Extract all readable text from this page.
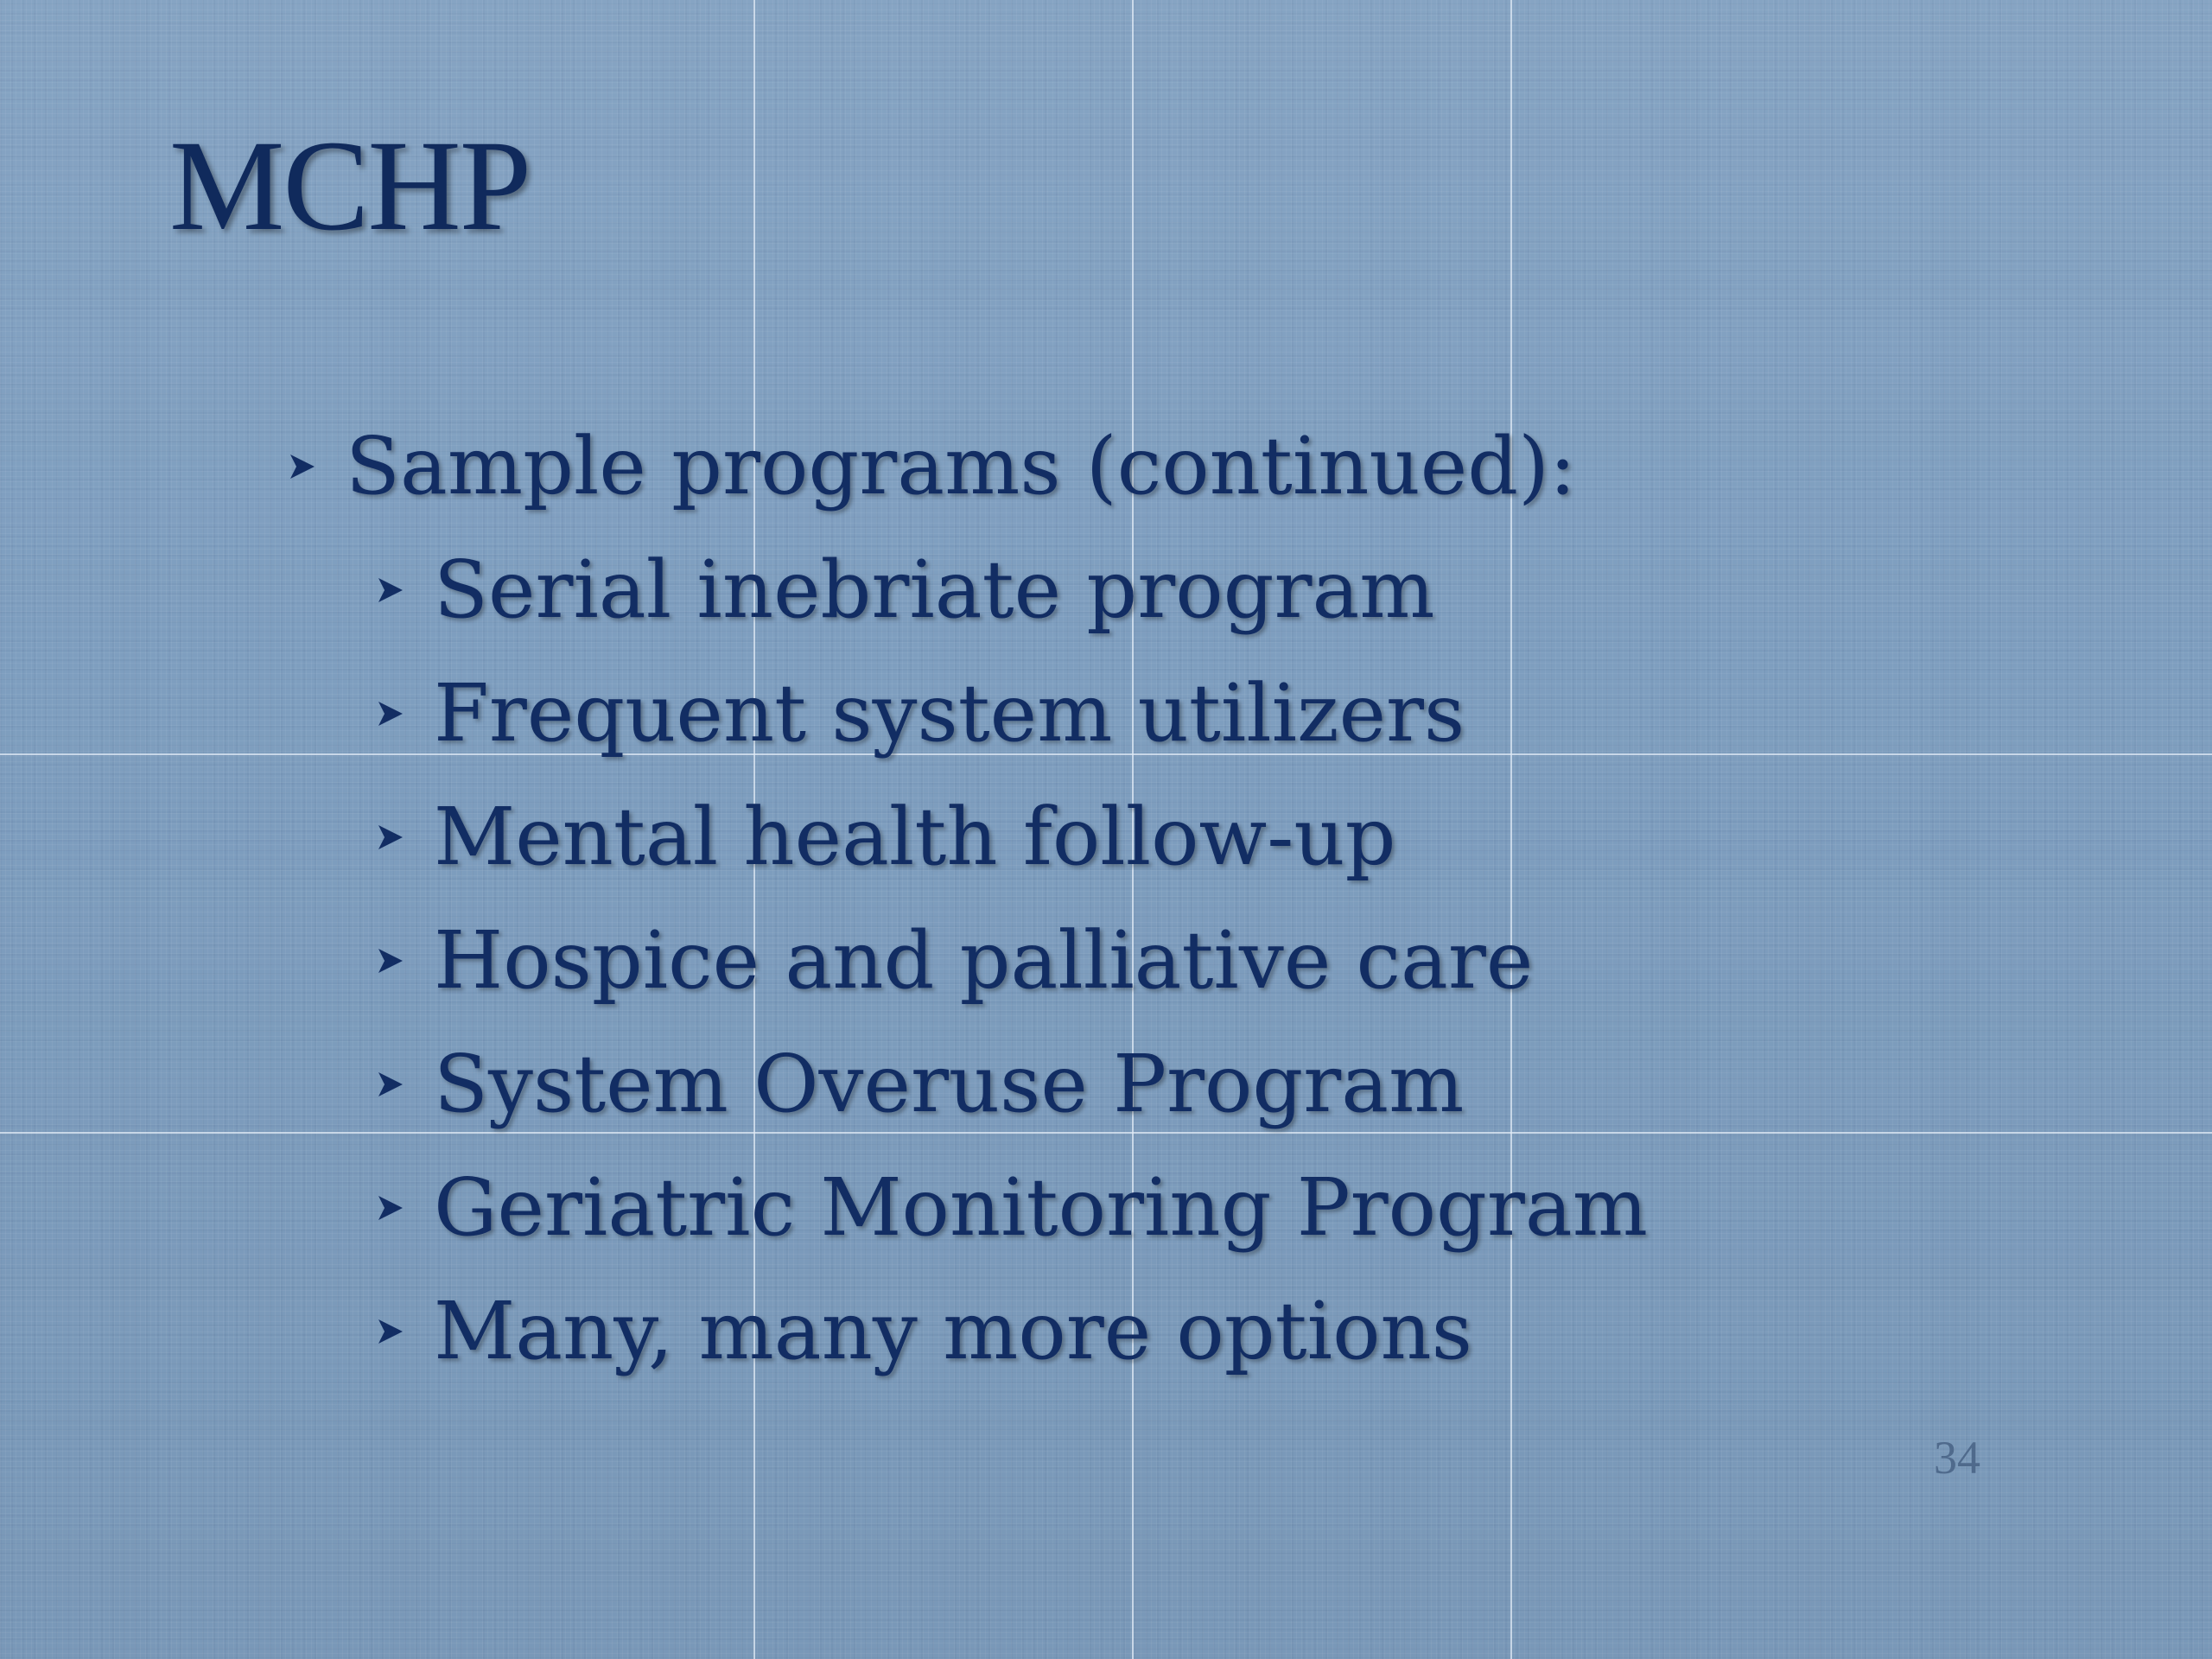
MCHP
Sample programs (continued):
Serial inebriate program
Frequent system utilizers
Mental health follow-up
Hospice and palliative care
System Overuse Program
Geriatric Monitoring Program
Many, many more options
34
